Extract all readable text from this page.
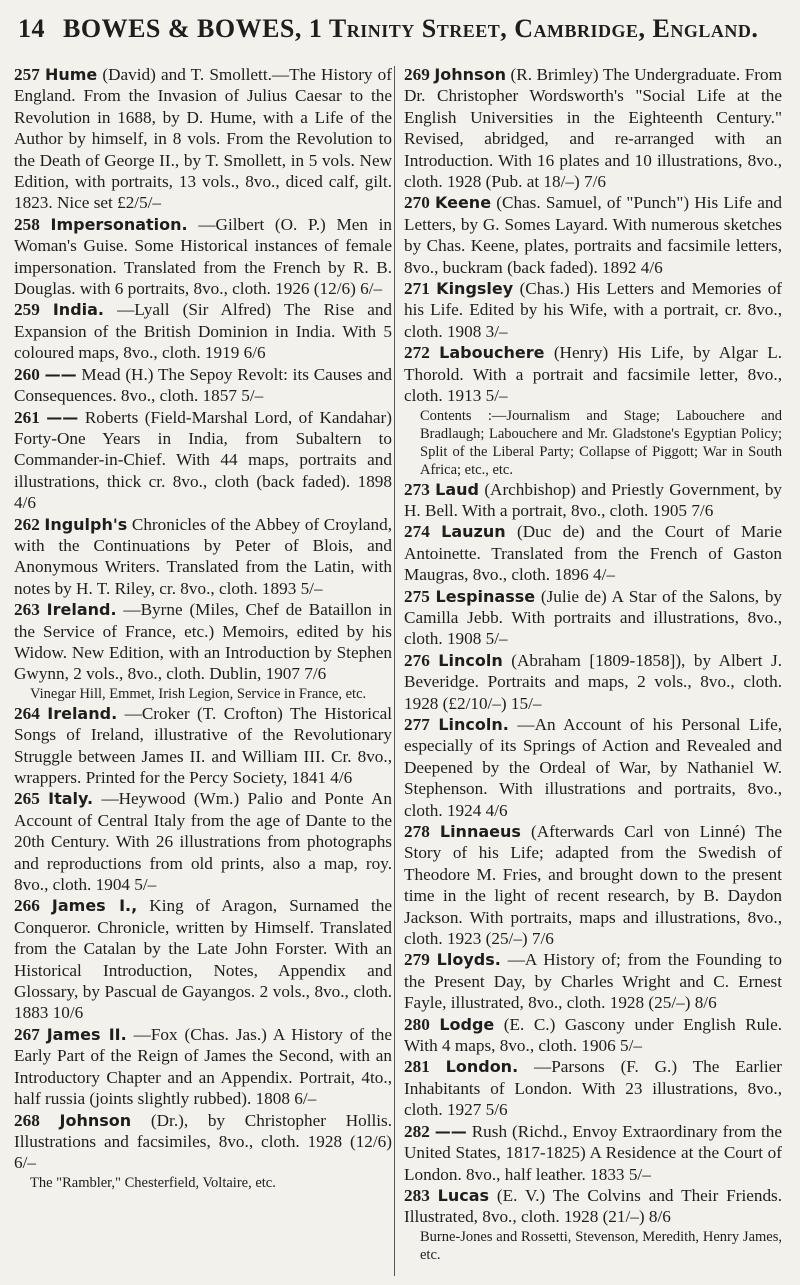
14 BOWES & BOWES, 1 Trinity Street, Cambridge, England.

257 Hume (David) and T. Smollett.—The History of England. From the Invasion of Julius Caesar to the Revolution in 1688, by D. Hume, with a Life of the Author by himself, in 8 vols. From the Revolution to the Death of George II., by T. Smollett, in 5 vols. New Edition, with portraits, 13 vols., 8vo., diced calf, gilt. 1823. Nice set £2/5/–

258 Impersonation. —Gilbert (O. P.) Men in Woman's Guise. Some Historical instances of female impersonation. Translated from the French by R. B. Douglas. with 6 portraits, 8vo., cloth. 1926 (12/6) 6/–

259 India. —Lyall (Sir Alfred) The Rise and Expansion of the British Dominion in India. With 5 coloured maps, 8vo., cloth. 1919 6/6

260 —— Mead (H.) The Sepoy Revolt: its Causes and Consequences. 8vo., cloth. 1857 5/–

261 —— Roberts (Field-Marshal Lord, of Kandahar) Forty-One Years in India, from Subaltern to Commander-in-Chief. With 44 maps, portraits and illustrations, thick cr. 8vo., cloth (back faded). 1898 4/6

262 Ingulph's Chronicles of the Abbey of Croyland, with the Continuations by Peter of Blois, and Anonymous Writers. Translated from the Latin, with notes by H. T. Riley, cr. 8vo., cloth. 1893 5/–

263 Ireland. —Byrne (Miles, Chef de Bataillon in the Service of France, etc.) Memoirs, edited by his Widow. New Edition, with an Introduction by Stephen Gwynn, 2 vols., 8vo., cloth. Dublin, 1907 7/6
Vinegar Hill, Emmet, Irish Legion, Service in France, etc.

264 Ireland. —Croker (T. Crofton) The Historical Songs of Ireland, illustrative of the Revolutionary Struggle between James II. and William III. Cr. 8vo., wrappers. Printed for the Percy Society, 1841 4/6

265 Italy. —Heywood (Wm.) Palio and Ponte An Account of Central Italy from the age of Dante to the 20th Century. With 26 illustrations from photographs and reproductions from old prints, also a map, roy. 8vo., cloth. 1904 5/–

266 James I., King of Aragon, Surnamed the Conqueror. Chronicle, written by Himself. Translated from the Catalan by the Late John Forster. With an Historical Introduction, Notes, Appendix and Glossary, by Pascual de Gayangos. 2 vols., 8vo., cloth. 1883 10/6

267 James II. —Fox (Chas. Jas.) A History of the Early Part of the Reign of James the Second, with an Introductory Chapter and an Appendix. Portrait, 4to., half russia (joints slightly rubbed). 1808 6/–

268 Johnson (Dr.), by Christopher Hollis. Illustrations and facsimiles, 8vo., cloth. 1928 (12/6) 6/–
The "Rambler," Chesterfield, Voltaire, etc.

269 Johnson (R. Brimley) The Undergraduate. From Dr. Christopher Wordsworth's "Social Life at the English Universities in the Eighteenth Century." Revised, abridged, and re-arranged with an Introduction. With 16 plates and 10 illustrations, 8vo., cloth. 1928 (Pub. at 18/–) 7/6

270 Keene (Chas. Samuel, of "Punch") His Life and Letters, by G. Somes Layard. With numerous sketches by Chas. Keene, plates, portraits and facsimile letters, 8vo., buckram (back faded). 1892 4/6

271 Kingsley (Chas.) His Letters and Memories of his Life. Edited by his Wife, with a portrait, cr. 8vo., cloth. 1908 3/–

272 Labouchere (Henry) His Life, by Algar L. Thorold. With a portrait and facsimile letter, 8vo., cloth. 1913 5/–
Contents :—Journalism and Stage; Labouchere and Bradlaugh; Labouchere and Mr. Gladstone's Egyptian Policy; Split of the Liberal Party; Collapse of Piggott; War in South Africa; etc., etc.

273 Laud (Archbishop) and Priestly Government, by H. Bell. With a portrait, 8vo., cloth. 1905 7/6

274 Lauzun (Duc de) and the Court of Marie Antoinette. Translated from the French of Gaston Maugras, 8vo., cloth. 1896 4/–

275 Lespinasse (Julie de) A Star of the Salons, by Camilla Jebb. With portraits and illustrations, 8vo., cloth. 1908 5/–

276 Lincoln (Abraham [1809-1858]), by Albert J. Beveridge. Portraits and maps, 2 vols., 8vo., cloth. 1928 (£2/10/–) 15/–

277 Lincoln. —An Account of his Personal Life, especially of its Springs of Action and Revealed and Deepened by the Ordeal of War, by Nathaniel W. Stephenson. With illustrations and portraits, 8vo., cloth. 1924 4/6

278 Linnaeus (Afterwards Carl von Linné) The Story of his Life; adapted from the Swedish of Theodore M. Fries, and brought down to the present time in the light of recent research, by B. Daydon Jackson. With portraits, maps and illustrations, 8vo., cloth. 1923 (25/–) 7/6

279 Lloyds. —A History of; from the Founding to the Present Day, by Charles Wright and C. Ernest Fayle, illustrated, 8vo., cloth. 1928 (25/–) 8/6

280 Lodge (E. C.) Gascony under English Rule. With 4 maps, 8vo., cloth. 1906 5/–

281 London. —Parsons (F. G.) The Earlier Inhabitants of London. With 23 illustrations, 8vo., cloth. 1927 5/6

282 —— Rush (Richd., Envoy Extraordinary from the United States, 1817-1825) A Residence at the Court of London. 8vo., half leather. 1833 5/–

283 Lucas (E. V.) The Colvins and Their Friends. Illustrated, 8vo., cloth. 1928 (21/–) 8/6
Burne-Jones and Rossetti, Stevenson, Meredith, Henry James, etc.
